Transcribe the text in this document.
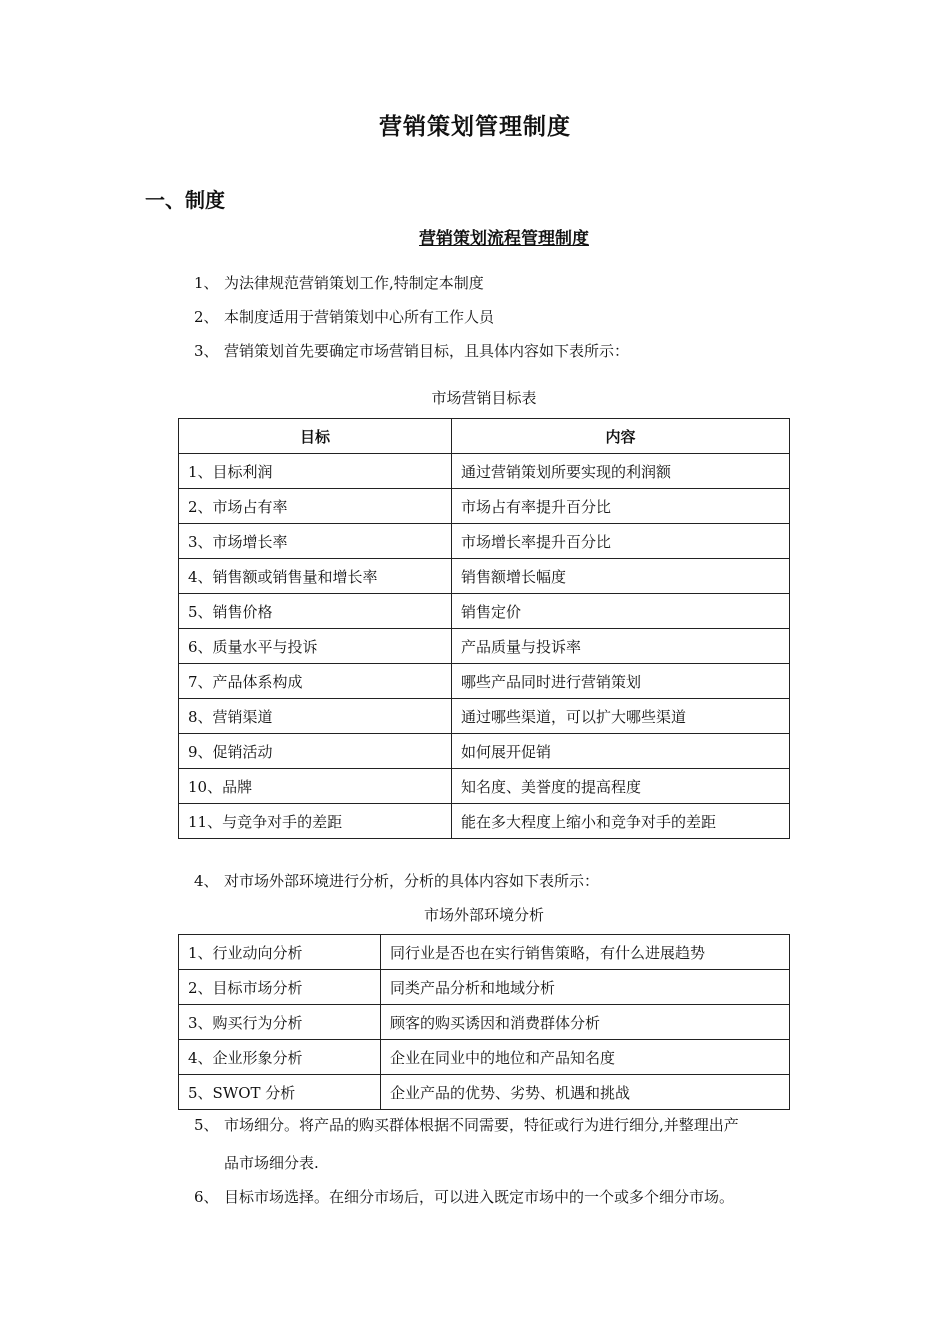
营销策划管理制度
一、制度
营销策划流程管理制度
1、 为法律规范营销策划工作,特制定本制度
2、 本制度适用于营销策划中心所有工作人员
3、 营销策划首先要确定市场营销目标，且具体内容如下表所示：
市场营销目标表
目标	内容
1、目标利润	通过营销策划所要实现的利润额
2、市场占有率	市场占有率提升百分比
3、市场增长率	市场增长率提升百分比
4、销售额或销售量和增长率	销售额增长幅度
5、销售价格	销售定价
6、质量水平与投诉	产品质量与投诉率
7、产品体系构成	哪些产品同时进行营销策划
8、营销渠道	通过哪些渠道，可以扩大哪些渠道
9、促销活动	如何展开促销
10、品牌	知名度、美誉度的提高程度
11、与竞争对手的差距	能在多大程度上缩小和竞争对手的差距
4、 对市场外部环境进行分析，分析的具体内容如下表所示：
市场外部环境分析
1、行业动向分析	同行业是否也在实行销售策略，有什么进展趋势
2、目标市场分析	同类产品分析和地域分析
3、购买行为分析	顾客的购买诱因和消费群体分析
4、企业形象分析	企业在同业中的地位和产品知名度
5、SWOT 分析	企业产品的优势、劣势、机遇和挑战
5、 市场细分。将产品的购买群体根据不同需要，特征或行为进行细分,并整理出产
品市场细分表.
6、 目标市场选择。在细分市场后，可以进入既定市场中的一个或多个细分市场。
